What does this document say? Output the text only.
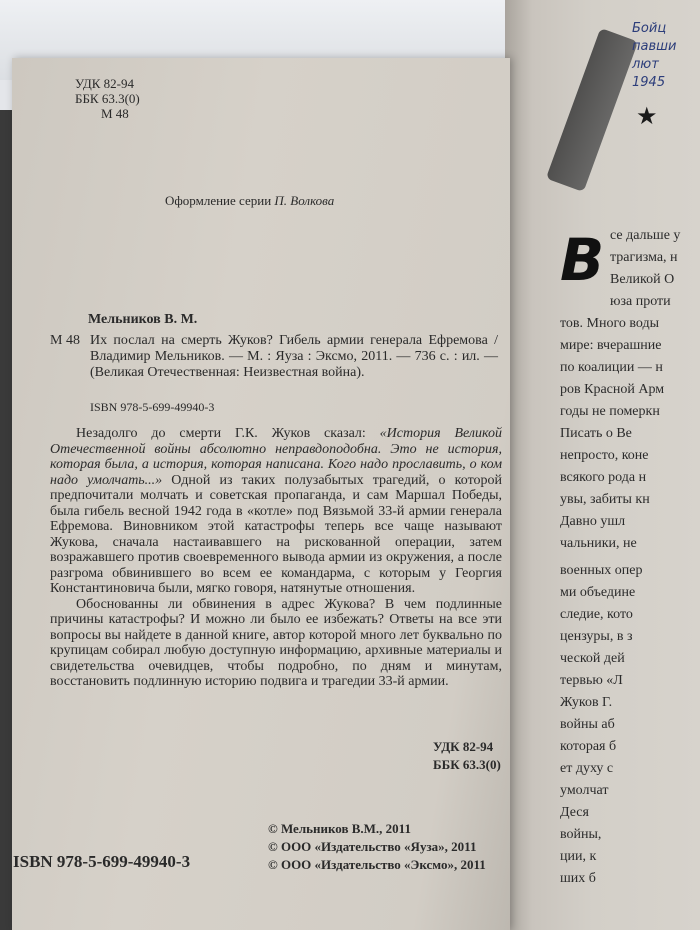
★
Бойц
павши
лют
1945
В се дальше у
трагизма, н
Великой О
юза проти
тов. Много воды
мире: вчерашние
по коалиции — н
ров Красной Арм
годы не померкн
Писать о Ве
непросто, коне
всякого рода н
увы, забиты кн
Давно ушл
чальники, не
военных опер
ми объедине
следие, кото
цензуры, в з
ческой дей
тервью «Л
Жуков Г.
войны аб
которая б
ет духу с
умолчат
Деся
войны,
ции, к
ших б
УДК 82-94
ББК 63.3(0)
М 48
Оформление серии П. Волкова
Мельников В. М.
М 48 Их послал на смерть Жуков? Гибель армии генерала Ефремова / Владимир Мельников. — М. : Яуза : Эксмо, 2011. — 736 с. : ил. — (Великая Отечественная: Неизвестная война).
ISBN 978-5-699-49940-3

Незадолго до смерти Г.К. Жуков сказал: «История Великой Отечественной войны абсолютно неправдоподобна. Это не история, которая была, а история, которая написана. Кого надо прославить, о ком надо умолчать...» Одной из таких полузабытых трагедий, о которой предпочитали молчать и советская пропаганда, и сам Маршал Победы, была гибель весной 1942 года в «котле» под Вязьмой 33-й армии генерала Ефремова. Виновником этой катастрофы теперь все чаще называют Жукова, сначала настаивавшего на рискованной операции, затем возражавшего против своевременного вывода армии из окружения, а после разгрома обвинившего во всем ее командарма, с которым у Георгия Константиновича были, мягко говоря, натянутые отношения.

Обоснованны ли обвинения в адрес Жукова? В чем подлинные причины катастрофы? И можно ли было ее избежать? Ответы на все эти вопросы вы найдете в данной книге, автор которой много лет буквально по крупицам собирал любую доступную информацию, архивные материалы и свидетельства очевидцев, чтобы подробно, по дням и минутам, восстановить подлинную историю подвига и трагедии 33-й армии.

УДК 82-94
ББК 63.3(0)
© Мельников В.М., 2011
© ООО «Издательство «Яуза», 2011
© ООО «Издательство «Эксмо», 2011
ISBN 978-5-699-49940-3
